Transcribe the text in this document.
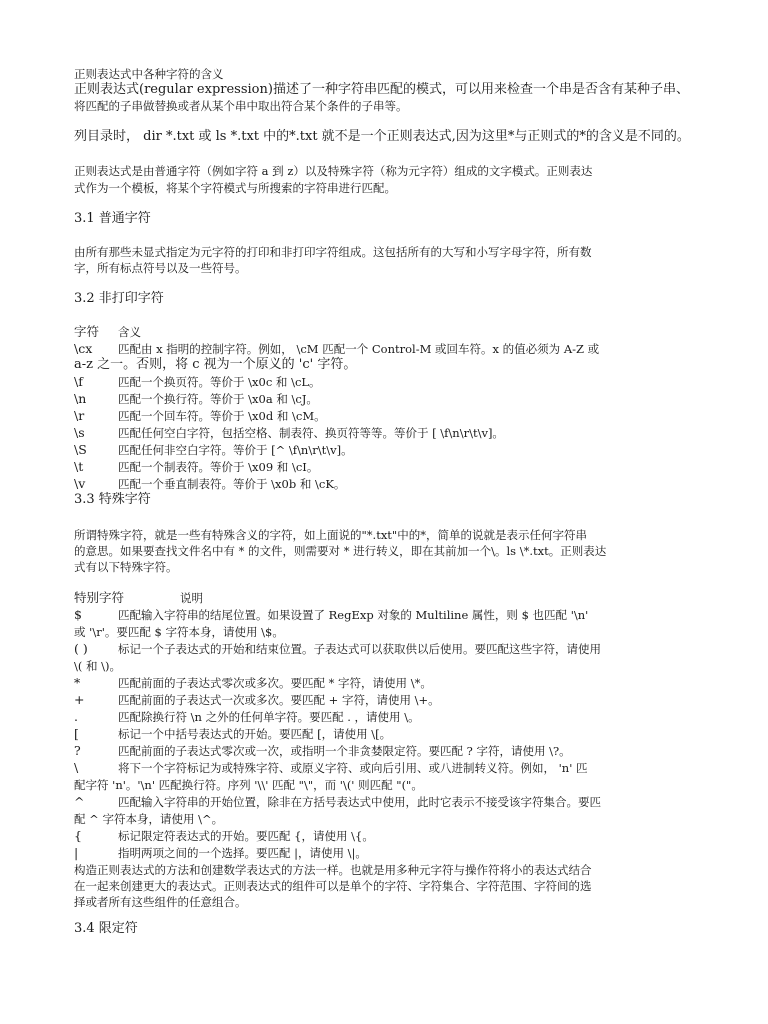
正则表达式中各种字符的含义
正则表达式(regular expression)描述了一种字符串匹配的模式，可以用来检查一个串是否含有某种子串、
将匹配的子串做替换或者从某个串中取出符合某个条件的子串等。
列目录时， dir *.txt 或 ls *.txt 中的*.txt 就不是一个正则表达式,因为这里*与正则式的*的含义是不同的。
正则表达式是由普通字符（例如字符 a 到 z）以及特殊字符（称为元字符）组成的文字模式。正则表达
式作为一个模板，将某个字符模式与所搜索的字符串进行匹配。
3.1 普通字符
由所有那些未显式指定为元字符的打印和非打印字符组成。这包括所有的大写和小写字母字符，所有数
字，所有标点符号以及一些符号。
3.2 非打印字符
字符 含义
\cx 匹配由 x 指明的控制字符。例如， \cM 匹配一个 Control-M 或回车符。x 的值必须为 A-Z 或
a-z 之一。否则，将 c 视为一个原义的 'c' 字符。
\f	匹配一个换页符。等价于 \x0c 和 \cL。
\n	匹配一个换行符。等价于 \x0a 和 \cJ。
\r	匹配一个回车符。等价于 \x0d 和 \cM。
\s	匹配任何空白字符，包括空格、制表符、换页符等等。等价于 [ \f\n\r\t\v]。
\S	匹配任何非空白字符。等价于 [^ \f\n\r\t\v]。
\t	匹配一个制表符。等价于 \x09 和 \cI。
\v	匹配一个垂直制表符。等价于 \x0b 和 \cK。
3.3 特殊字符
所谓特殊字符，就是一些有特殊含义的字符，如上面说的"*.txt"中的*，简单的说就是表示任何字符串
的意思。如果要查找文件名中有 * 的文件，则需要对 * 进行转义，即在其前加一个\。ls \*.txt。正则表达
式有以下特殊字符。
特别字符	说明
$	匹配输入字符串的结尾位置。如果设置了 RegExp 对象的 Multiline 属性，则 $ 也匹配 '\n'
或 '\r'。要匹配 $ 字符本身，请使用 \$。
( )	标记一个子表达式的开始和结束位置。子表达式可以获取供以后使用。要匹配这些字符，请使用
\( 和 \)。
*	匹配前面的子表达式零次或多次。要匹配 * 字符，请使用 \*。
+	匹配前面的子表达式一次或多次。要匹配 + 字符，请使用 \+。
.	匹配除换行符 \n 之外的任何单字符。要匹配 . ，请使用 \。
[	标记一个中括号表达式的开始。要匹配 [，请使用 \[。
?	匹配前面的子表达式零次或一次，或指明一个非贪婪限定符。要匹配 ? 字符，请使用 \?。
\	将下一个字符标记为或特殊字符、或原义字符、或向后引用、或八进制转义符。例如， 'n' 匹
配字符 'n'。'\n' 匹配换行符。序列 '\\' 匹配 "\"，而 '\(' 则匹配 "("。
^	匹配输入字符串的开始位置，除非在方括号表达式中使用，此时它表示不接受该字符集合。要匹
配 ^ 字符本身，请使用 \^。
{	标记限定符表达式的开始。要匹配 {，请使用 \{。
|	指明两项之间的一个选择。要匹配 |，请使用 \|。
构造正则表达式的方法和创建数学表达式的方法一样。也就是用多种元字符与操作符将小的表达式结合
在一起来创建更大的表达式。正则表达式的组件可以是单个的字符、字符集合、字符范围、字符间的选
择或者所有这些组件的任意组合。
3.4 限定符
